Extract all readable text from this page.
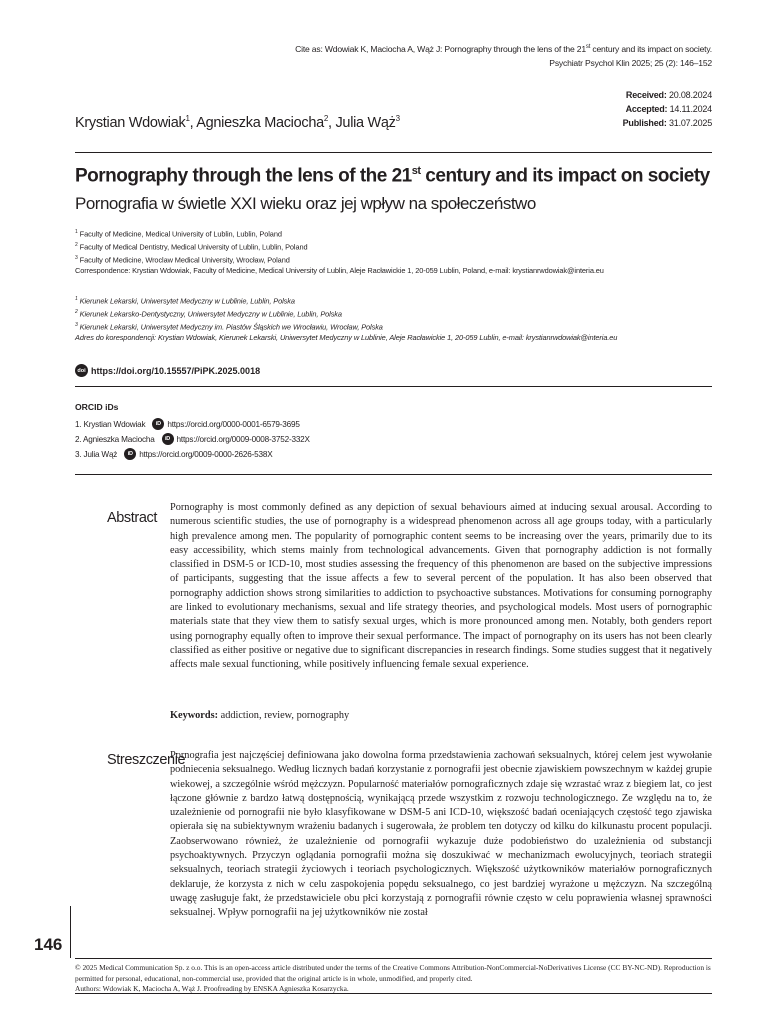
Cite as: Wdowiak K, Maciocha A, Wąż J: Pornography through the lens of the 21st century and its impact on society.
Psychiatr Psychol Klin 2025; 25 (2): 146–152
Received: 20.08.2024
Accepted: 14.11.2024
Published: 31.07.2025
Krystian Wdowiak$^1$, Agnieszka Maciocha$^2$, Julia Wąż$^3$
Pornography through the lens of the 21st century and its impact on society
Pornografia w świetle XXI wieku oraz jej wpływ na społeczeństwo
$^1$ Faculty of Medicine, Medical University of Lublin, Lublin, Poland
$^2$ Faculty of Medical Dentistry, Medical University of Lublin, Lublin, Poland
$^3$ Faculty of Medicine, Wroclaw Medical University, Wrocław, Poland
Correspondence: Krystian Wdowiak, Faculty of Medicine, Medical University of Lublin, Aleje Racławickie 1, 20-059 Lublin, Poland, e-mail: krystianrwdowiak@interia.eu
$^1$ Kierunek Lekarski, Uniwersytet Medyczny w Lublinie, Lublin, Polska
$^2$ Kierunek Lekarsko-Dentystyczny, Uniwersytet Medyczny w Lublinie, Lublin, Polska
$^3$ Kierunek Lekarski, Uniwersytet Medyczny im. Piastów Śląskich we Wrocławiu, Wrocław, Polska
Adres do korespondencji: Krystian Wdowiak, Kierunek Lekarski, Uniwersytet Medyczny w Lublinie, Aleje Racławickie 1, 20-059 Lublin, e-mail: krystianrwdowiak@interia.eu
doi https://doi.org/10.15557/PiPK.2025.0018
ORCID iDs
1. Krystian Wdowiak	iD https://orcid.org/0000-0001-6579-3695
2. Agnieszka Maciocha	iD https://orcid.org/0009-0008-3752-332X
3. Julia Wąż	iD https://orcid.org/0009-0000-2626-538X
Abstract
Pornography is most commonly defined as any depiction of sexual behaviours aimed at inducing sexual arousal. According to numerous scientific studies, the use of pornography is a widespread phenomenon across all age groups today, with a particularly high prevalence among men. The popularity of pornographic content seems to be increasing over the years, primarily due to its easy accessibility, which stems mainly from technological advancements. Given that pornography addiction is not formally classified in DSM-5 or ICD-10, most studies assessing the frequency of this phenomenon are based on the subjective impressions of participants, suggesting that the issue affects a few to several percent of the population. It has also been observed that pornography addiction shows strong similarities to addiction to psychoactive substances. Motivations for consuming pornography are linked to evolutionary mechanisms, sexual and life strategy theories, and psychological models. Most users of pornographic materials state that they view them to satisfy sexual urges, which is more pronounced among men. Notably, both genders report using pornography equally often to improve their sexual performance. The impact of pornography on its users has not been clearly classified as either positive or negative due to significant discrepancies in research findings. Some studies suggest that it negatively affects male sexual functioning, while positively influencing female sexual experience.
Keywords: addiction, review, pornography
Streszczenie
Pornografia jest najczęściej definiowana jako dowolna forma przedstawienia zachowań seksualnych, której celem jest wywołanie podniecenia seksualnego. Według licznych badań korzystanie z pornografii jest obecnie zjawiskiem powszechnym w każdej grupie wiekowej, a szczególnie wśród mężczyzn. Popularność materiałów pornograficznych zdaje się wzrastać wraz z biegiem lat, co jest łączone głównie z bardzo łatwą dostępnością, wynikającą przede wszystkim z rozwoju technologicznego. Ze względu na to, że uzależnienie od pornografii nie było klasyfikowane w DSM-5 ani ICD-10, większość badań oceniających częstość tego zjawiska opierała się na subiektywnym wrażeniu badanych i sugerowała, że problem ten dotyczy od kilku do kilkunastu procent populacji. Zaobserwowano również, że uzależnienie od pornografii wykazuje duże podobieństwo do uzależnienia od substancji psychoaktywnych. Przyczyn oglądania pornografii można się doszukiwać w mechanizmach ewolucyjnych, teoriach strategii seksualnych, teoriach strategii życiowych i teoriach psychologicznych. Większość użytkowników materiałów pornograficznych deklaruje, że korzysta z nich w celu zaspokojenia popędu seksualnego, co jest bardziej wyrażone u mężczyzn. Na szczególną uwagę zasługuje fakt, że przedstawiciele obu płci korzystają z pornografii równie często w celu poprawienia własnej sprawności seksualnej. Wpływ pornografii na jej użytkowników nie został
146
© 2025 Medical Communication Sp. z o.o. This is an open-access article distributed under the terms of the Creative Commons Attribution-NonCommercial-NoDerivatives License (CC BY-NC-ND). Reproduction is permitted for personal, educational, non-commercial use, provided that the original article is in whole, unmodified, and properly cited.
Authors: Wdowiak K, Maciocha A, Wąż J. Proofreading by ENSKA Agnieszka Kosarzycka.
